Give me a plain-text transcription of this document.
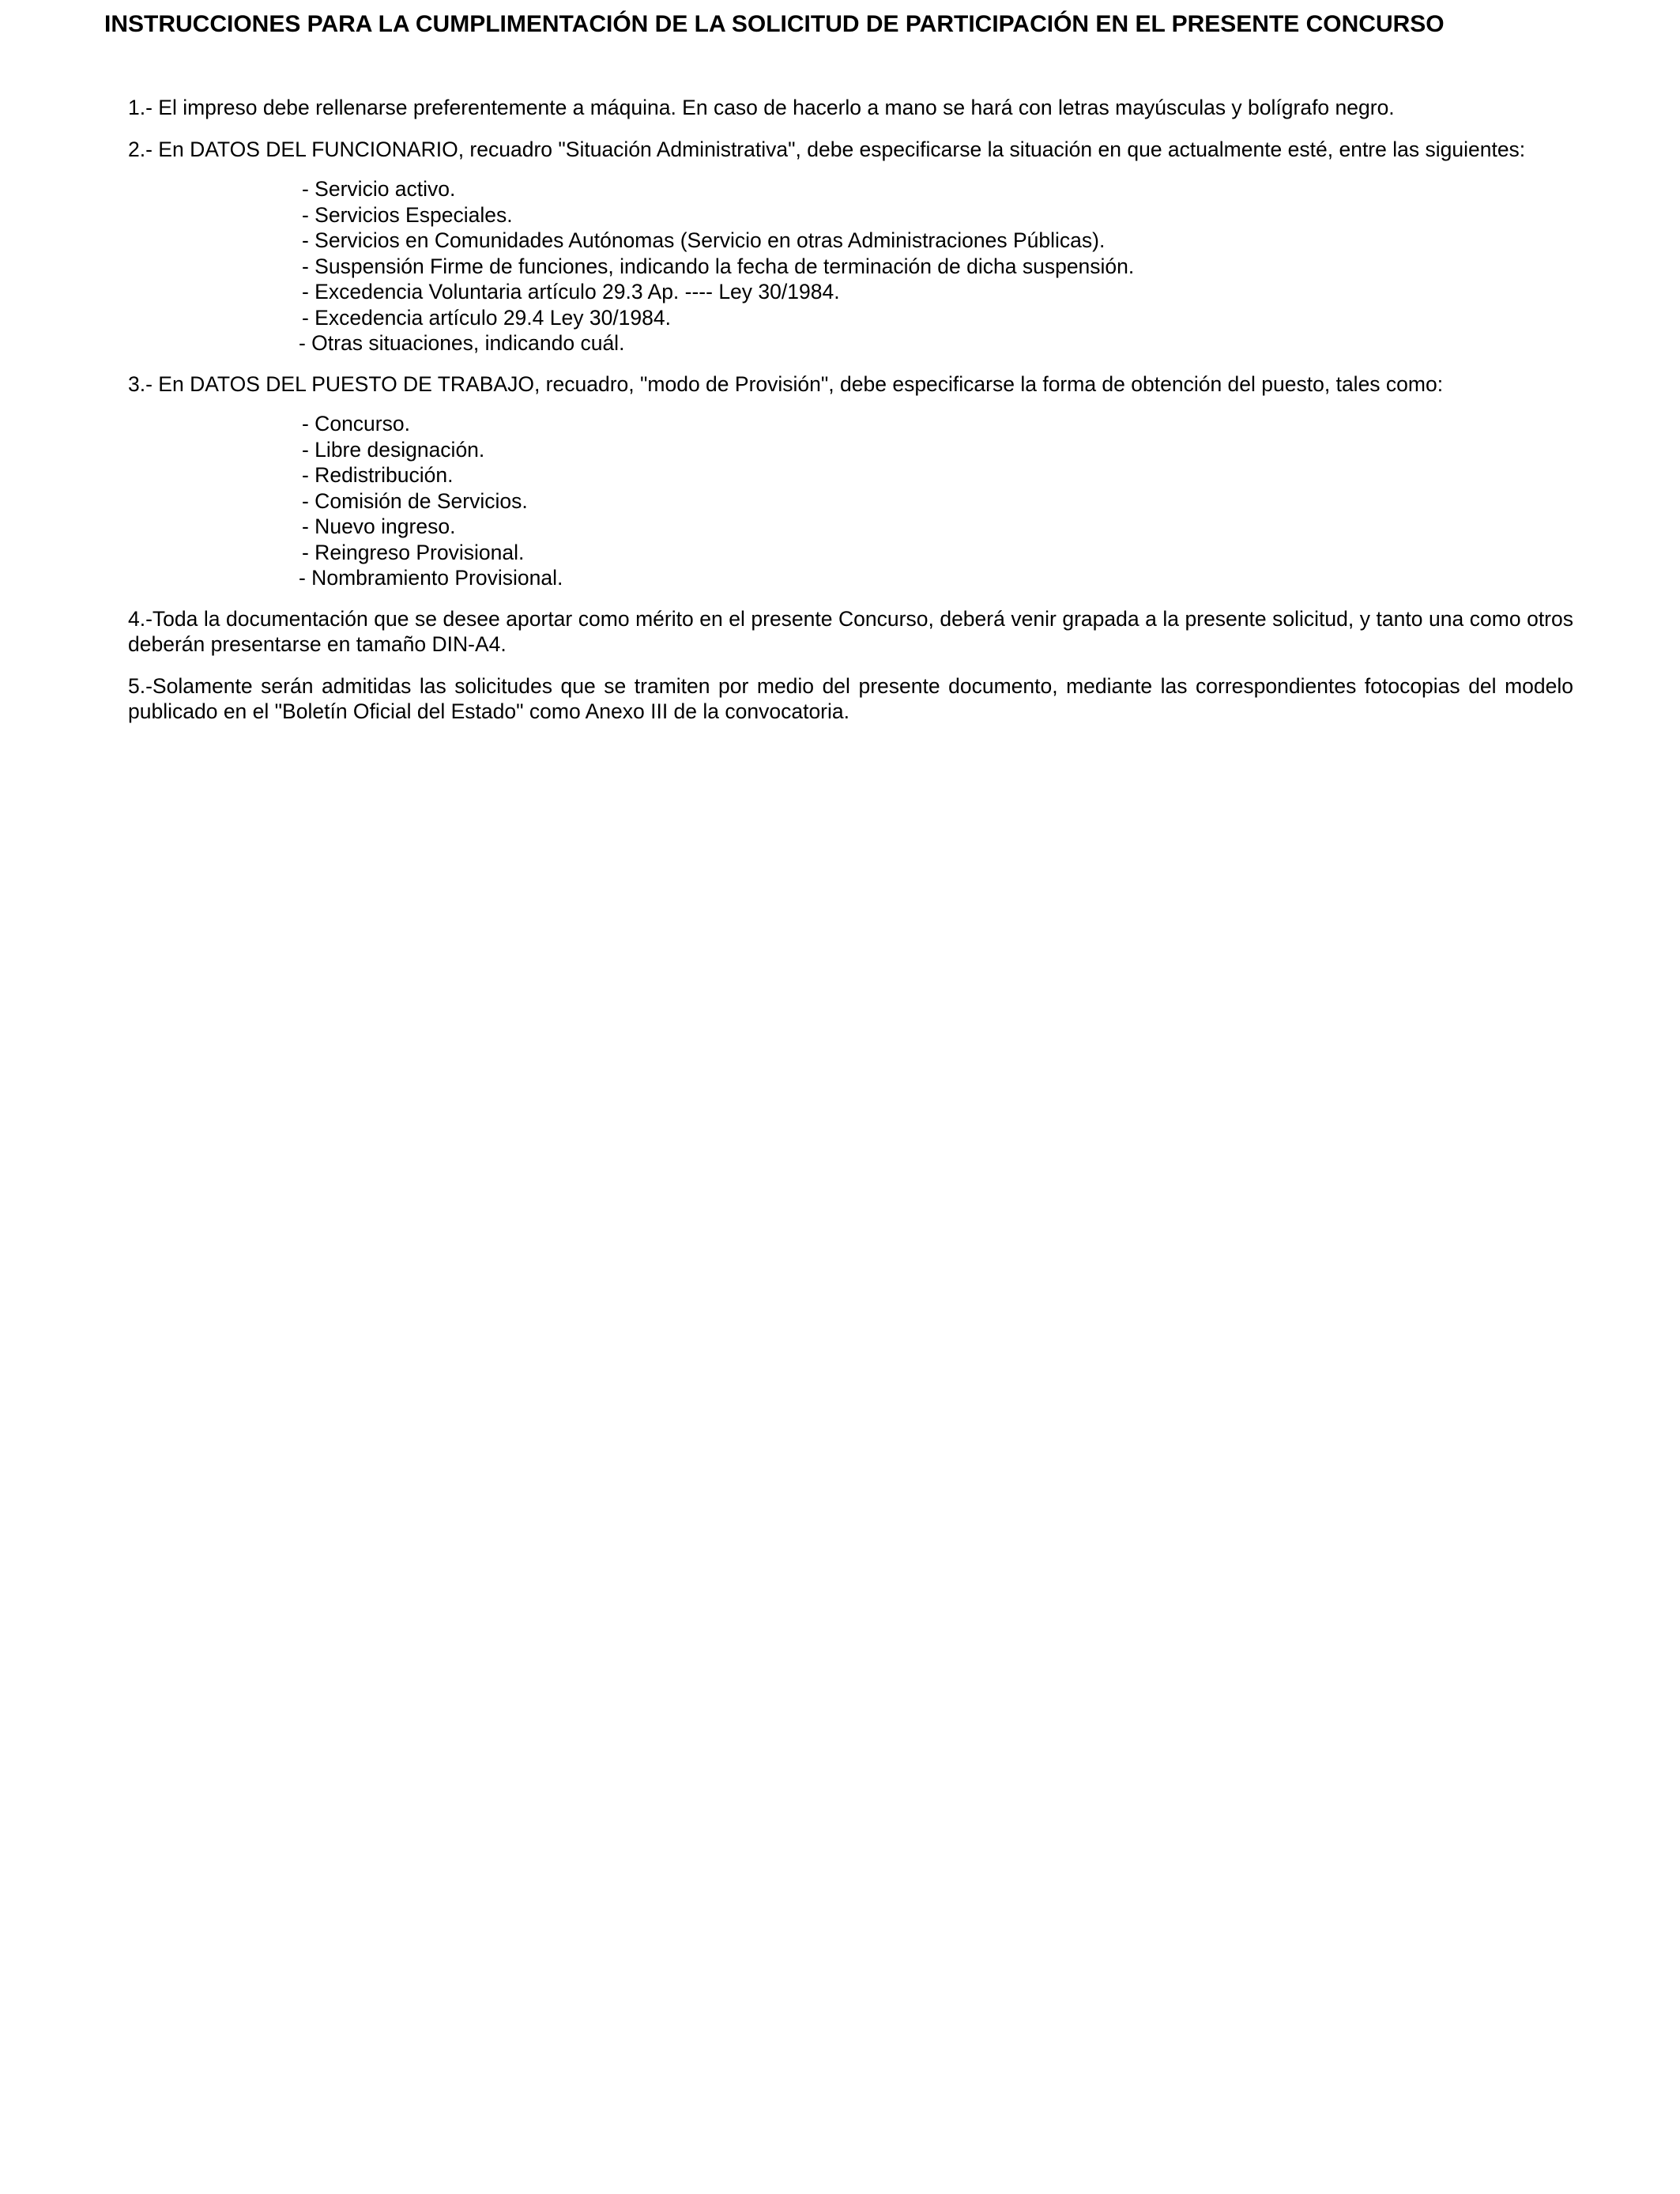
INSTRUCCIONES PARA LA CUMPLIMENTACIÓN DE LA SOLICITUD DE PARTICIPACIÓN EN EL PRESENTE CONCURSO

1.- El impreso debe rellenarse preferentemente a máquina. En caso de hacerlo a mano se hará con letras mayúsculas y bolígrafo negro.

2.- En DATOS DEL FUNCIONARIO, recuadro "Situación Administrativa", debe especificarse la situación en que actualmente esté, entre las siguientes:

- Servicio activo.
- Servicios Especiales.
- Servicios en Comunidades Autónomas (Servicio en otras Administraciones Públicas).
- Suspensión Firme de funciones, indicando la fecha de terminación de dicha suspensión.
- Excedencia Voluntaria artículo 29.3 Ap. ---- Ley 30/1984.
- Excedencia artículo 29.4 Ley 30/1984.
- Otras situaciones, indicando cuál.

3.- En DATOS DEL PUESTO DE TRABAJO, recuadro, "modo de Provisión", debe especificarse la forma de obtención del puesto, tales como:

- Concurso.
- Libre designación.
- Redistribución.
- Comisión de Servicios.
- Nuevo ingreso.
- Reingreso Provisional.
- Nombramiento Provisional.

4.-Toda la documentación que se desee aportar como mérito en el presente Concurso, deberá venir grapada a la presente solicitud, y tanto una como otros deberán presentarse en tamaño DIN-A4.

5.-Solamente serán admitidas las solicitudes que se tramiten por medio del presente documento, mediante las correspondientes fotocopias del modelo publicado en el "Boletín Oficial del Estado" como Anexo III de la convocatoria.
